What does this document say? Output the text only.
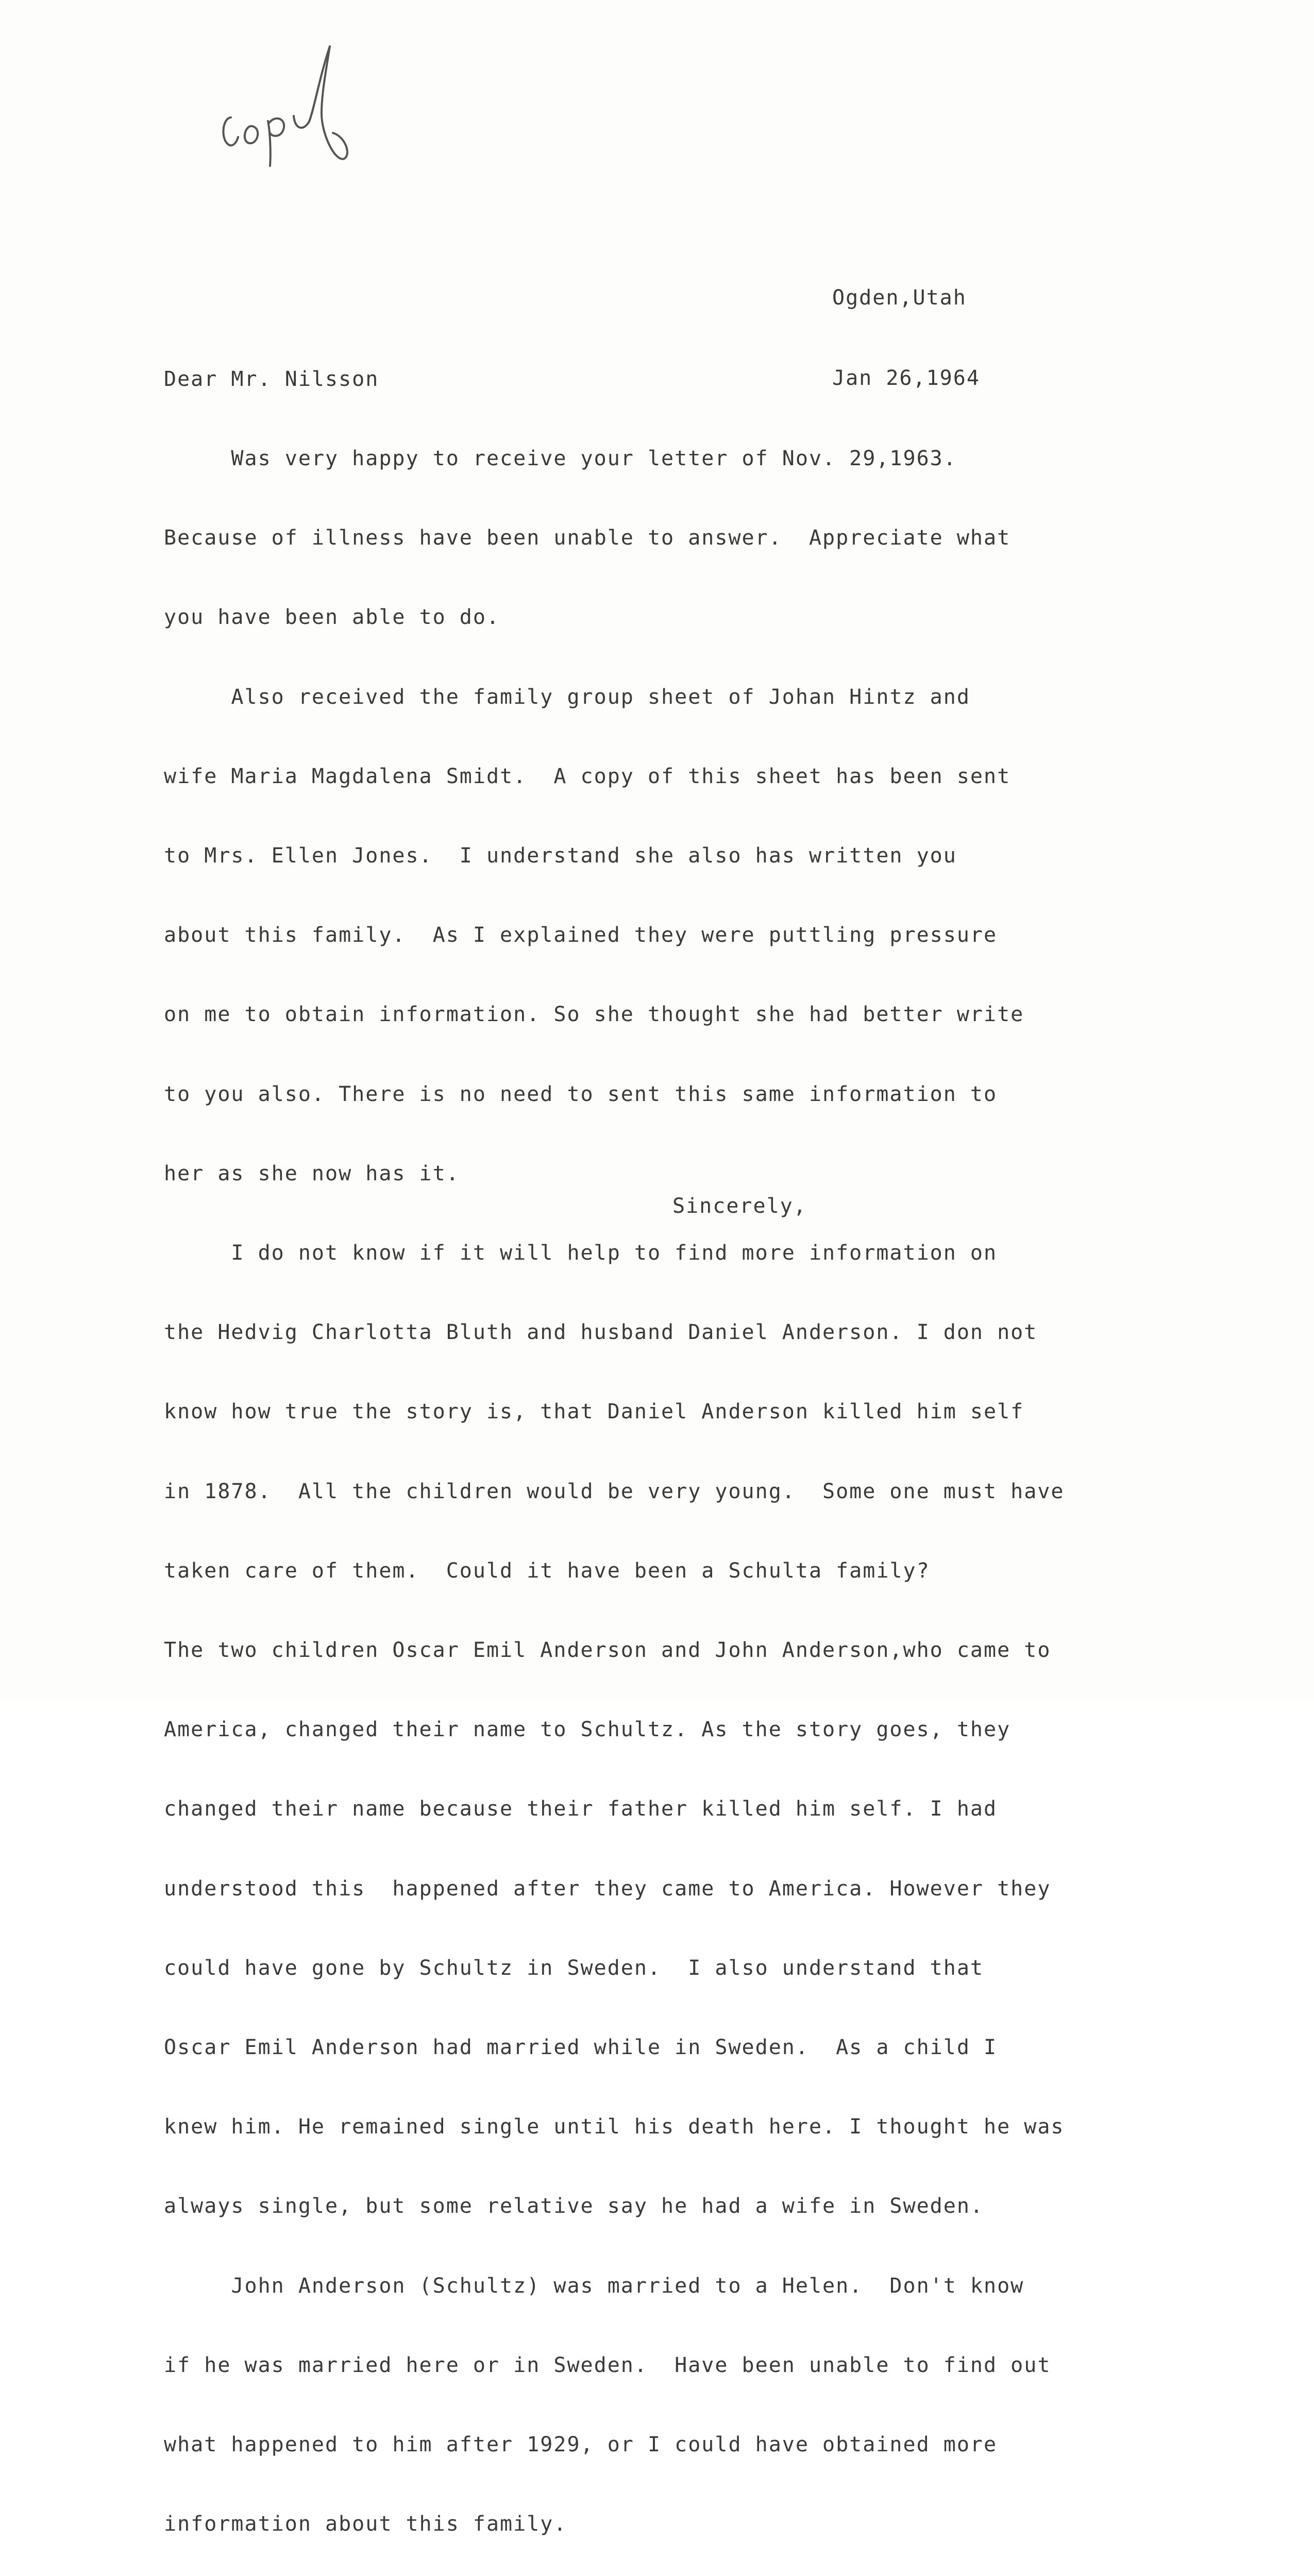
Ogden,Utah

Jan 26,1964

Dear Mr. Nilsson

Was very happy to receive your letter of Nov. 29,1963.

Because of illness have been unable to answer.  Appreciate what

you have been able to do.

Also received the family group sheet of Johan Hintz and

wife Maria Magdalena Smidt.  A copy of this sheet has been sent

to Mrs. Ellen Jones.  I understand she also has written you

about this family.  As I explained they were puttling pressure

on me to obtain information. So she thought she had better write

to you also. There is no need to sent this same information to

her as she now has it.

I do not know if it will help to find more information on

the Hedvig Charlotta Bluth and husband Daniel Anderson. I don not

know how true the story is, that Daniel Anderson killed him self

in 1878.  All the children would be very young.  Some one must have

taken care of them.  Could it have been a Schulta family?

The two children Oscar Emil Anderson and John Anderson,who came to

America, changed their name to Schultz. As the story goes, they

changed their name because their father killed him self. I had

understood this  happened after they came to America. However they

could have gone by Schultz in Sweden.  I also understand that

Oscar Emil Anderson had married while in Sweden.  As a child I

knew him. He remained single until his death here. I thought he was

always single, but some relative say he had a wife in Sweden.

John Anderson (Schultz) was married to a Helen.  Don't know

if he was married here or in Sweden.  Have been unable to find out

what happened to him after 1929, or I could have obtained more

information about this family.

Sincerely,
